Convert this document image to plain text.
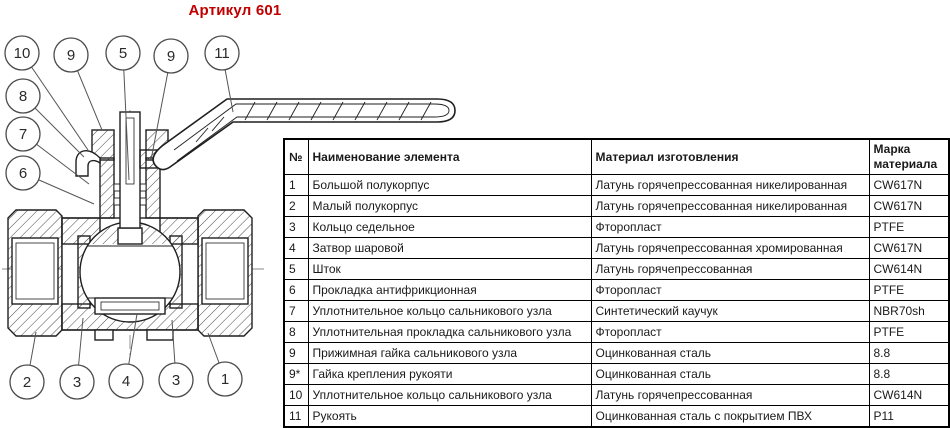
Артикул 601
10 9	5	9	11
8
7
6
2	3	4	3	1
№	Наименование элемента	Материал изготовления	Марка материала
1	Большой полукорпус	Латунь горячепрессованная никелированная	CW617N
2	Малый полукорпус	Латунь горячепрессованная никелированная	CW617N
3	Кольцо седельное	Фторопласт	PTFE
4	Затвор шаровой	Латунь горячепрессованная хромированная	CW617N
5	Шток	Латунь горячепрессованная	CW614N
6	Прокладка антифрикционная	Фторопласт	PTFE
7	Уплотнительное кольцо сальникового узла	Синтетический каучук	NBR70sh
8	Уплотнительная прокладка сальникового узла	Фторопласт	PTFE
9	Прижимная гайка сальникового узла	Оцинкованная сталь	8.8
9*	Гайка крепления рукояти	Оцинкованная сталь	8.8
10	Уплотнительное кольцо сальникового узла	Латунь горячепрессованная	CW614N
11	Рукоять	Оцинкованная сталь с покрытием ПВХ	P11
